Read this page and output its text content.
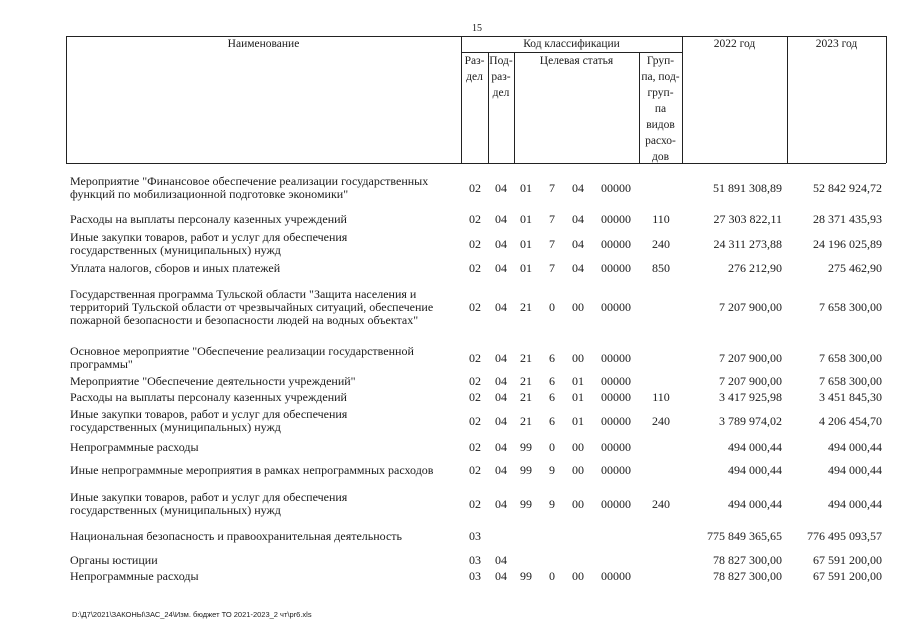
15
Наименование	Код классификации	2022 год	2023 год
Раз-
дел
Под-
раз-
дел
Целевая статья	Груп-
па, под-
груп-
па
видов
расхо-
дов
Мероприятие "Финансовое обеспечение реализации государственных
функций по мобилизационной подготовке экономики"	02	04	01	7	04	00000	51 891 308,89	52 842 924,72
Расходы на выплаты персоналу казенных учреждений	02	04	01	7	04	00000	110	27 303 822,11	28 371 435,93
Иные закупки товаров, работ и услуг для обеспечения
государственных (муниципальных) нужд	02	04	01	7	04	00000	240	24 311 273,88	24 196 025,89
Уплата налогов, сборов и иных платежей	02	04	01	7	04	00000	850	276 212,90	275 462,90
Государственная программа Тульской области "Защита населения и
территорий Тульской области от чрезвычайных ситуаций, обеспечение
пожарной безопасности и безопасности людей на водных объектах"
02	04	21	0	00	00000	7 207 900,00	7 658 300,00
Основное мероприятие "Обеспечение реализации государственной
программы"	02	04	21	6	00	00000	7 207 900,00	7 658 300,00
Мероприятие "Обеспечение деятельности учреждений"	02	04	21	6	01	00000	7 207 900,00	7 658 300,00
Расходы на выплаты персоналу казенных учреждений	02	04	21	6	01	00000	110	3 417 925,98	3 451 845,30
Иные закупки товаров, работ и услуг для обеспечения
государственных (муниципальных) нужд	02	04	21	6	01	00000	240	3 789 974,02	4 206 454,70
Непрограммные расходы	02	04	99	0	00	00000	494 000,44	494 000,44
Иные непрограммные мероприятия в рамках непрограммных расходов	02	04	99	9	00	00000	494 000,44	494 000,44
Иные закупки товаров, работ и услуг для обеспечения
государственных (муниципальных) нужд	02	04	99	9	00	00000	240	494 000,44	494 000,44
Национальная безопасность и правоохранительная деятельность	03	775 849 365,65	776 495 093,57
Органы юстиции	03	04	78 827 300,00	67 591 200,00
Непрограммные расходы	03	04	99	0	00	00000	78 827 300,00	67 591 200,00
D:\Д7\2021\ЗАКОНЫ\ЗАС_24\Изм. бюджет ТО 2021-2023_2 чт\pr6.xls
